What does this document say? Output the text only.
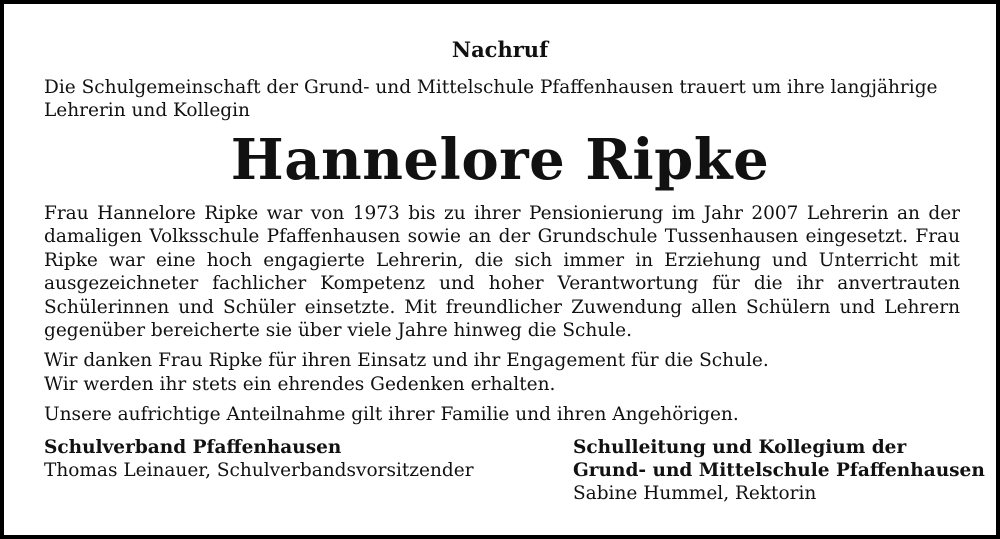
Nachruf
Die Schulgemeinschaft der Grund- und Mittelschule Pfaffenhausen trauert um ihre langjährige Lehrerin und Kollegin
Hannelore Ripke

Frau Hannelore Ripke war von 1973 bis zu ihrer Pensionierung im Jahr 2007 Lehrerin an der damaligen Volksschule Pfaffenhausen sowie an der Grundschule Tussenhausen eingesetzt. Frau Ripke war eine hoch engagierte Lehrerin, die sich immer in Erziehung und Unterricht mit ausgezeichneter fachlicher Kompetenz und hoher Verantwortung für die ihr anvertrauten Schülerinnen und Schüler einsetzte. Mit freundlicher Zuwendung allen Schülern und Lehrern gegenüber bereicherte sie über viele Jahre hinweg die Schule.

Wir danken Frau Ripke für ihren Einsatz und ihr Engagement für die Schule.

Wir werden ihr stets ein ehrendes Gedenken erhalten.

Unsere aufrichtige Anteilnahme gilt ihrer Familie und ihren Angehörigen.

Schulverband Pfaffenhausen
Thomas Leinauer, Schulverbandsvorsitzender
Schulleitung und Kollegium der
Grund- und Mittelschule Pfaffenhausen
Sabine Hummel, Rektorin
